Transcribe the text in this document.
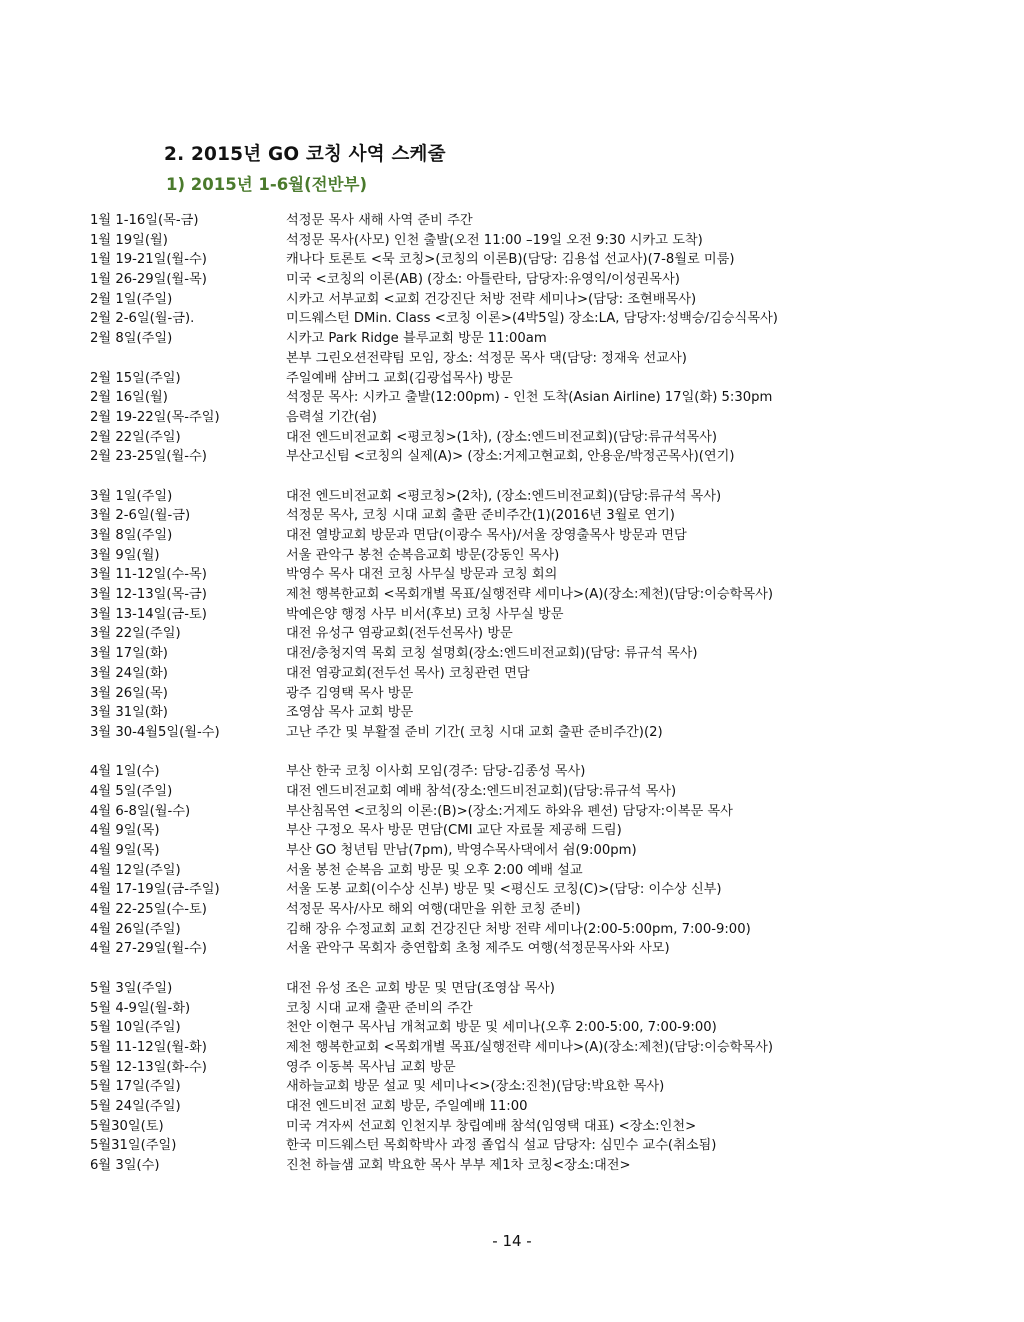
2. 2015년 GO 코칭 사역 스케줄
1) 2015년 1-6월(전반부)
1월 1-16일(목-금)	석정문 목사 새해 사역 준비 주간
1월 19일(월)	석정문 목사(사모) 인천 출발(오전 11:00 –19일 오전 9:30 시카고 도착)
1월 19-21일(월-수)	캐나다 토론토 <묵 코칭>(코칭의 이론B)(담당: 김용섭 선교사)(7-8월로 미룸)
1월 26-29일(월-목)	미국 <코칭의 이론(AB) (장소: 아틀란타, 담당자:유영익/이성권목사)
2월 1일(주일)	시카고 서부교회 <교회 건강진단 처방 전략 세미나>(담당: 조현배목사)
2월 2-6일(월-금).	미드웨스턴 DMin. Class <코칭 이론>(4박5일) 장소:LA, 담당자:성백승/김승식목사)
2월 8일(주일)	시카고 Park Ridge 블루교회 방문 11:00am
본부 그린오션전략팀 모임, 장소: 석정문 목사 댁(담당: 정재욱 선교사)
2월 15일(주일)	주일예배 샴버그 교회(김광섭목사) 방문
2월 16일(월)	석정문 목사: 시카고 출발(12:00pm) - 인천 도착(Asian Airline) 17일(화) 5:30pm
2월 19-22일(목-주일)	음력설 기간(쉼)
2월 22일(주일)	대전 엔드비전교회 <평코칭>(1차), (장소:엔드비전교회)(담당:류규석목사)
2월 23-25일(월-수)	부산고신팀 <코칭의 실제(A)> (장소:거제고현교회, 안용운/박정곤목사)(연기)
3월 1일(주일)	대전 엔드비전교회 <평코칭>(2차), (장소:엔드비전교회)(담당:류규석 목사)
3월 2-6일(월-금)	석정문 목사, 코칭 시대 교회 출판 준비주간(1)(2016년 3월로 연기)
3월 8일(주일)	대전 열방교회 방문과 면담(이광수 목사)/서울 장영출목사 방문과 면담
3월 9일(월)	서울 관악구 봉천 순복음교회 방문(강동인 목사)
3월 11-12일(수-목)	박영수 목사 대전 코칭 사무실 방문과 코칭 회의
3월 12-13일(목-금)	제천 행복한교회 <목회개별 목표/실행전략 세미나>(A)(장소:제천)(담당:이승학목사)
3월 13-14일(금-토)	박예은양 행정 사무 비서(후보) 코칭 사무실 방문
3월 22일(주일)	대전 유성구 염광교회(전두선목사) 방문
3월 17일(화)	대전/충청지역 목회 코칭 설명회(장소:엔드비전교회)(담당: 류규석 목사)
3월 24일(화)	대전 염광교회(전두선 목사) 코칭관련 면담
3월 26일(목)	광주 김영택 목사 방문
3월 31일(화)	조영삼 목사 교회 방문
3월 30-4월5일(월-수)	고난 주간 및 부활절 준비 기간( 코칭 시대 교회 출판 준비주간)(2)
4월 1일(수)	부산 한국 코칭 이사회 모임(경주: 담당-김종성 목사)
4월 5일(주일)	대전 엔드비전교회 예배 참석(장소:엔드비전교회)(담당:류규석 목사)
4월 6-8일(월-수)	부산침목연 <코칭의 이론:(B)>(장소:거제도 하와유 펜션) 담당자:이복문 목사
4월 9일(목)	부산 구정오 목사 방문 면담(CMI 교단 자료물 제공해 드림)
4월 9일(목)	부산 GO 청년팀 만남(7pm), 박영수목사댁에서 쉼(9:00pm)
4월 12일(주일)	서울 봉천 순복음 교회 방문 및 오후 2:00 예배 설교
4월 17-19일(금-주일)	서울 도봉 교회(이수상 신부) 방문 및 <평신도 코칭(C)>(담당: 이수상 신부)
4월 22-25일(수-토)	석정문 목사/사모 해외 여행(대만을 위한 코칭 준비)
4월 26일(주일)	김해 장유 수정교회 교회 건강진단 처방 전략 세미나(2:00-5:00pm, 7:00-9:00)
4월 27-29일(월-수)	서울 관악구 목회자 충연합회 초청 제주도 여행(석정문목사와 사모)
5월 3일(주일)	대전 유성 조은 교회 방문 및 면담(조영삼 목사)
5월 4-9일(월-화)	코칭 시대 교재 출판 준비의 주간
5월 10일(주일)	천안 이현구 목사님 개척교회 방문 및 세미나(오후 2:00-5:00, 7:00-9:00)
5월 11-12일(월-화)	제천 행복한교회 <목회개별 목표/실행전략 세미나>(A)(장소:제천)(담당:이승학목사)
5월 12-13일(화-수)	영주 이동복 목사님 교회 방문
5월 17일(주일)	새하늘교회 방문 설교 및 세미나<>(장소:진천)(담당:박요한 목사)
5월 24일(주일)	대전 엔드비전 교회 방문, 주일예배 11:00
5월30일(토)	미국 겨자씨 선교회 인천지부 창립예배 참석(임영택 대표) <장소:인천>
5월31일(주일)	한국 미드웨스턴 목회학박사 과정 졸업식 설교 담당자: 심민수 교수(취소됨)
6월 3일(수)	진천 하늘샘 교회 박요한 목사 부부 제1차 코칭<장소:대전>
- 14 -
